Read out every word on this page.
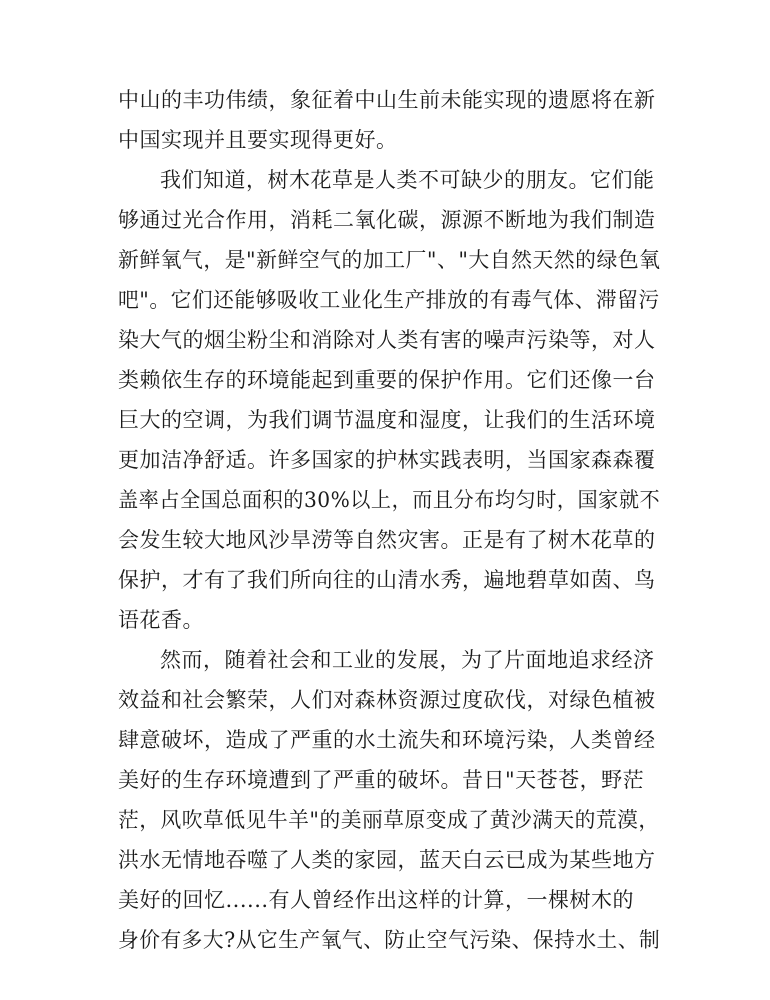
中山的丰功伟绩，象征着中山生前未能实现的遗愿将在新
中国实现并且要实现得更好。
我们知道，树木花草是人类不可缺少的朋友。它们能
够通过光合作用，消耗二氧化碳，源源不断地为我们制造
新鲜氧气，是"新鲜空气的加工厂"、"大自然天然的绿色氧
吧"。它们还能够吸收工业化生产排放的有毒气体、滞留污
染大气的烟尘粉尘和消除对人类有害的噪声污染等，对人
类赖依生存的环境能起到重要的保护作用。它们还像一台
巨大的空调，为我们调节温度和湿度，让我们的生活环境
更加洁净舒适。许多国家的护林实践表明，当国家森森覆
盖率占全国总面积的30%以上，而且分布均匀时，国家就不
会发生较大地风沙旱涝等自然灾害。正是有了树木花草的
保护，才有了我们所向往的山清水秀，遍地碧草如茵、鸟
语花香。
然而，随着社会和工业的发展，为了片面地追求经济
效益和社会繁荣，人们对森林资源过度砍伐，对绿色植被
肆意破坏，造成了严重的水土流失和环境污染，人类曾经
美好的生存环境遭到了严重的破坏。昔日"天苍苍，野茫
茫，风吹草低见牛羊"的美丽草原变成了黄沙满天的荒漠，
洪水无情地吞噬了人类的家园，蓝天白云已成为某些地方
美好的回忆......有人曾经作出这样的计算，一棵树木的
身价有多大?从它生产氧气、防止空气污染、保持水土、制
